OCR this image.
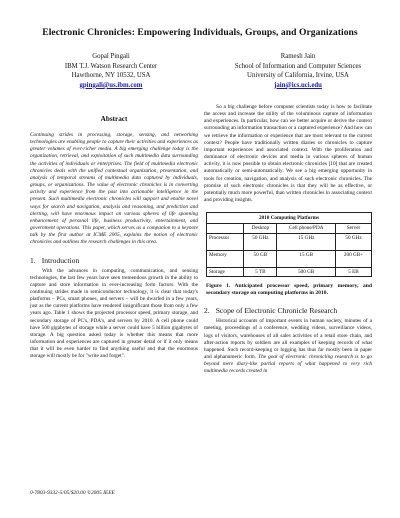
Electronic Chronicles: Empowering Individuals, Groups, and Organizations
Gopal Pingali
IBM T.J. Watson Research Center
Hawthorne, NY 10532, USA
gpingali@us.ibm.com
Ramesh Jain
School of Information and Computer Sciences
University of California, Irvine, USA
jain@ics.uci.edu
Abstract

Continuing strides in processing, storage, sensing, and networking technologies are enabling people to capture their activities and experiences as greater volumes of ever-richer media. A big emerging challenge today is the organization, retrieval, and exploitation of such multimedia data surrounding the activities of individuals or enterprises. The field of multimedia electronic chronicles deals with the unified contextual organization, presentation, and analysis of temporal streams of multimedia data captured by individuals, groups, or organizations. The value of electronic chronicles is in converting activity and experience from the past into actionable intelligence in the present. Such multimedia electronic chronicles will support and enable novel ways for search and navigation, analysis and reasoning, and prediction and alerting, will have enormous impact on various spheres of life spanning enhancement of personal life, business productivity, entertainment, and government operations. This paper, which serves as a companion to a keynote talk by the first author at ICME 2005, explains the notion of electronic chronicles and outlines the research challenges in this area.

1. Introduction

With the advances in computing, communication, and sensing technologies, the last few years have seen tremendous growth in the ability to capture and store information in ever-increasing form factors. With the continuing strides made in semiconductor technology, it is clear that today's platforms – PCs, smart phones, and servers – will be dwarfed in a few years, just as the current platforms have rendered insignificant those from only a few years ago. Table 1 shows the projected processor speed, primary storage, and secondary storage of PC's, PDA's, and servers by 2010. A cell phone could have 500 gigabytes of storage while a server could have 5 billion gigabytes of storage. A big question asked today is whether this means that more information and experiences are captured in greater detail or if it only means that it will be even harder to find anything useful and that the enormous storage will mostly be for "write and forget".

So a big challenge before computer scientists today is how to facilitate the access and increase the utility of the voluminous capture of information and experiences. In particular, how can we better acquire or derive the context surrounding an information transaction or a captured experience? And how can we retrieve the information or experience that are most relevant to the current context? People have traditionally written diaries or chronicles to capture important experiences and associated context. With the proliferation and dominance of electronic devices and media in various spheres of human activity, it is now possible to obtain electronic chronicles [10] that are created automatically or semi-automatically. We see a big emerging opportunity in tools for creation, navigation, and analysis of such electronic chronicles. The promise of such electronic chronicles is that they will be as effective, or potentially much more powerful, than written chronicles in associating context and providing insights.

2010 Computing Platforms			
	Desktop	Cell phone/PDA	Server
Processor	50 GHz	15 GHz	50 GHz
Memory	50 GB	15 GB	200 GB+
Storage	5 TB	500 GB	5 EB

Figure 1. Anticipated processor speed, primary memory, and secondary storage on computing platforms in 2010.

2. Scope of Electronic Chronicle Research

Historical accounts of important events in human society, minutes of a meeting, proceedings of a conference, wedding videos, surveillance videos, logs of visitors, warehouses of all sales activities of a retail store chain, and after-action reports by soldiers are all examples of keeping records of what happened. Such record-keeping or logging has thus far mostly been in paper and alphanumeric form. The goal of electronic chronicling research is to go beyond mere diary-like partial reports of what happened to very rich multimedia records created in

0-7803-9332-5/05/$20.00 ©2005 IEEE
